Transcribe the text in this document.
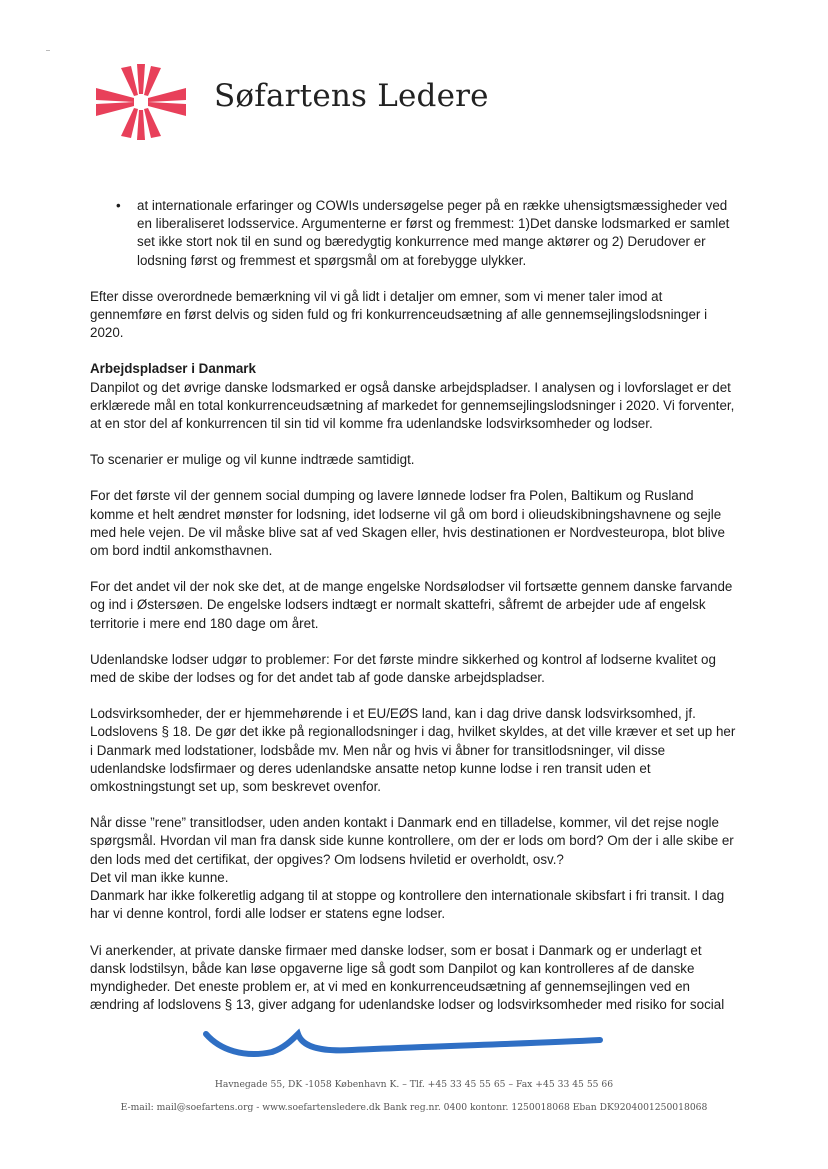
Søfartens Ledere
• at internationale erfaringer og COWIs undersøgelse peger på en række uhensigtsmæssigheder ved en liberaliseret lodsservice. Argumenterne er først og fremmest: 1)Det danske lodsmarked er samlet set ikke stort nok til en sund og bæredygtig konkurrence med mange aktører og 2) Derudover er lodsning først og fremmest et spørgsmål om at forebygge ulykker.

Efter disse overordnede bemærkning vil vi gå lidt i detaljer om emner, som vi mener taler imod at gennemføre en først delvis og siden fuld og fri konkurrenceudsætning af alle gennemsejlingslodsninger i 2020.

Arbejdspladser i Danmark

Danpilot og det øvrige danske lodsmarked er også danske arbejdspladser. I analysen og i lovforslaget er det erklærede mål en total konkurrenceudsætning af markedet for gennemsejlingslodsninger i 2020. Vi forventer, at en stor del af konkurrencen til sin tid vil komme fra udenlandske lodsvirksomheder og lodser.

To scenarier er mulige og vil kunne indtræde samtidigt.

For det første vil der gennem social dumping og lavere lønnede lodser fra Polen, Baltikum og Rusland komme et helt ændret mønster for lodsning, idet lodserne vil gå om bord i olieudskibningshavnene og sejle med hele vejen. De vil måske blive sat af ved Skagen eller, hvis destinationen er Nordvesteuropa, blot blive om bord indtil ankomsthavnen.

For det andet vil der nok ske det, at de mange engelske Nordsølodser vil fortsætte gennem danske farvande og ind i Østersøen. De engelske lodsers indtægt er normalt skattefri, såfremt de arbejder ude af engelsk territorie i mere end 180 dage om året.

Udenlandske lodser udgør to problemer: For det første mindre sikkerhed og kontrol af lodserne kvalitet og med de skibe der lodses og for det andet tab af gode danske arbejdspladser.

Lodsvirksomheder, der er hjemmehørende i et EU/EØS land, kan i dag drive dansk lodsvirksomhed, jf. Lodslovens § 18. De gør det ikke på regionallodsninger i dag, hvilket skyldes, at det ville kræver et set up her i Danmark med lodstationer, lodsbåde mv. Men når og hvis vi åbner for transitlodsninger, vil disse udenlandske lodsfirmaer og deres udenlandske ansatte netop kunne lodse i ren transit uden et omkostningstungt set up, som beskrevet ovenfor.

Når disse ”rene” transitlodser, uden anden kontakt i Danmark end en tilladelse, kommer, vil det rejse nogle spørgsmål. Hvordan vil man fra dansk side kunne kontrollere, om der er lods om bord? Om der i alle skibe er den lods med det certifikat, der opgives? Om lodsens hviletid er overholdt, osv.?

Det vil man ikke kunne.

Danmark har ikke folkeretlig adgang til at stoppe og kontrollere den internationale skibsfart i fri transit. I dag har vi denne kontrol, fordi alle lodser er statens egne lodser.

Vi anerkender, at private danske firmaer med danske lodser, som er bosat i Danmark og er underlagt et dansk lodstilsyn, både kan løse opgaverne lige så godt som Danpilot og kan kontrolleres af de danske myndigheder. Det eneste problem er, at vi med en konkurrenceudsætning af gennemsejlingen ved en ændring af lodslovens § 13, giver adgang for udenlandske lodser og lodsvirksomheder med risiko for social

Havnegade 55, DK -1058 København K. – Tlf. +45 33 45 55 65 – Fax +45 33 45 55 66
E-mail: mail@soefartens.org - www.soefartensledere.dk Bank reg.nr. 0400 kontonr. 1250018068 Eban DK9204001250018068
